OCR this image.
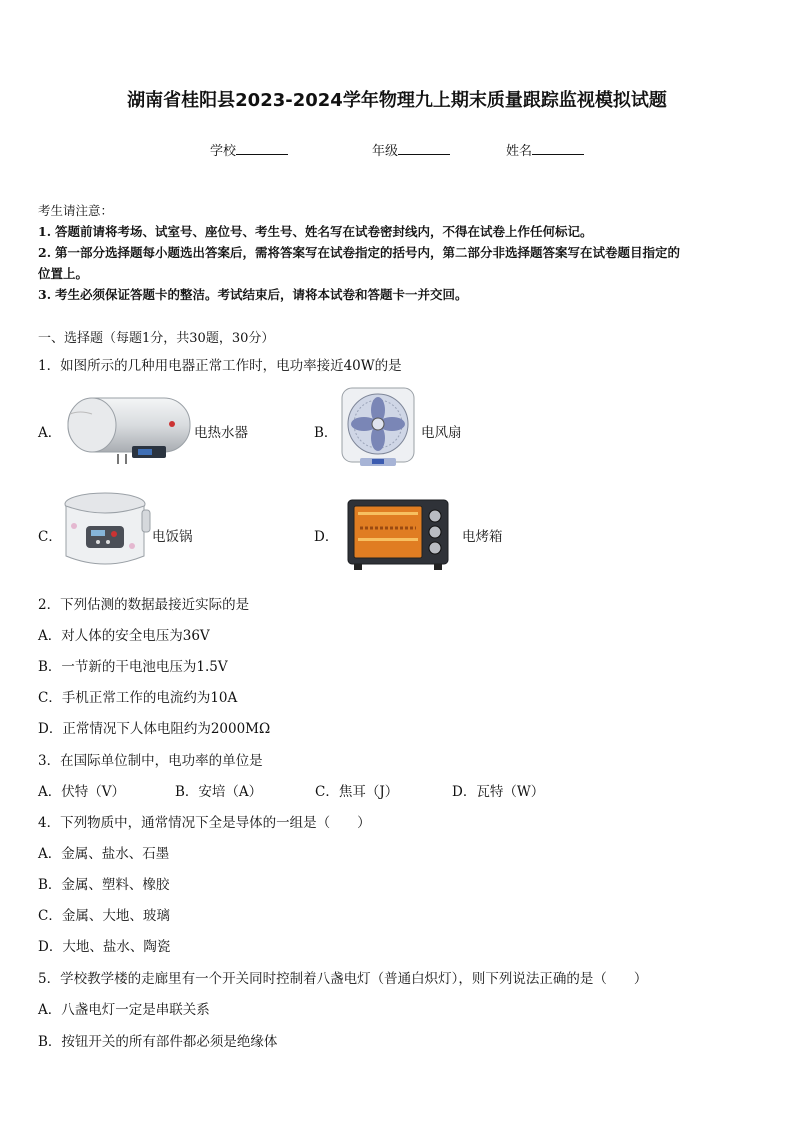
湖南省桂阳县2023-2024学年物理九上期末质量跟踪监视模拟试题
学校	年级	姓名
考生请注意：
1. 答题前请将考场、试室号、座位号、考生号、姓名写在试卷密封线内，不得在试卷上作任何标记。
2. 第一部分选择题每小题选出答案后，需将答案写在试卷指定的括号内，第二部分非选择题答案写在试卷题目指定的
位置上。
3. 考生必须保证答题卡的整洁。考试结束后，请将本试卷和答题卡一并交回。
一、选择题（每题1分，共30题，30分）
1．如图所示的几种用电器正常工作时，电功率接近40W的是
A．	电热水器	B．	电风扇
C．	电饭锅	D．	电烤箱
2．下列估测的数据最接近实际的是
A．对人体的安全电压为36V
B．一节新的干电池电压为1.5V
C．手机正常工作的电流约为10A
D．正常情况下人体电阻约为2000MΩ
3．在国际单位制中，电功率的单位是
A．伏特（V）	B．安培（A）	C．焦耳（J）	D．瓦特（W）
4．下列物质中，通常情况下全是导体的一组是（　　）
A．金属、盐水、石墨
B．金属、塑料、橡胶
C．金属、大地、玻璃
D．大地、盐水、陶瓷
5．学校教学楼的走廊里有一个开关同时控制着八盏电灯（普通白炽灯），则下列说法正确的是（　　）
A．八盏电灯一定是串联关系
B．按钮开关的所有部件都必须是绝缘体
